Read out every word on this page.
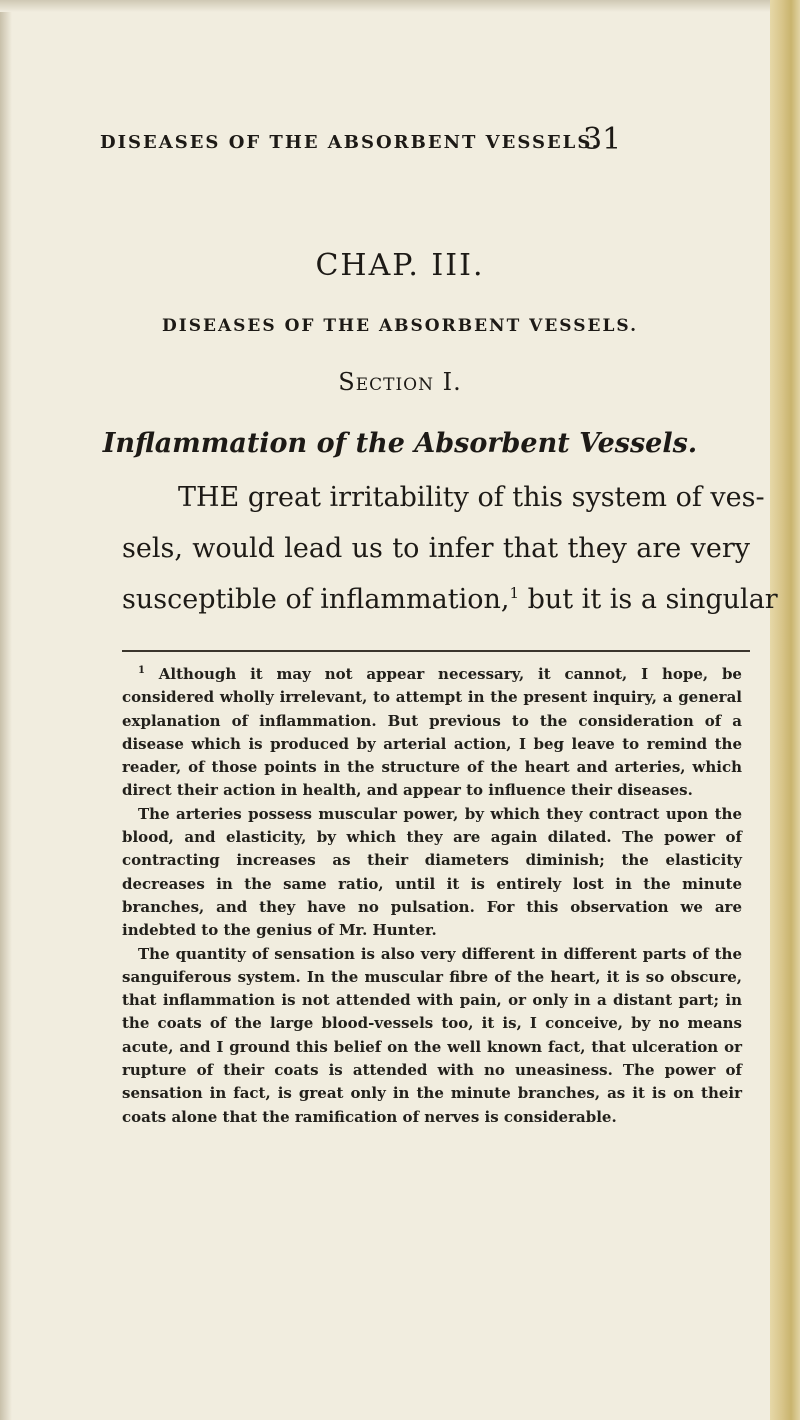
DISEASES OF THE ABSORBENT VESSELS.
31
CHAP. III.
DISEASES OF THE ABSORBENT VESSELS.
Section I.
Inflammation of the Absorbent Vessels.
THE great irritability of this system of ves-
sels, would lead us to infer that they are very
susceptible of inflammation,$^1$ but it is a singular

$^1$ Although it may not appear necessary, it cannot, I hope, be considered wholly irrelevant, to attempt in the present inquiry, a general explanation of inflammation. But previous to the consideration of a disease which is produced by arterial action, I beg leave to remind the reader, of those points in the structure of the heart and arteries, which direct their action in health, and appear to influence their diseases.

The arteries possess muscular power, by which they contract upon the blood, and elasticity, by which they are again dilated. The power of contracting increases as their diameters diminish; the elasticity decreases in the same ratio, until it is entirely lost in the minute branches, and they have no pulsation. For this observation we are indebted to the genius of Mr. Hunter.

The quantity of sensation is also very different in different parts of the sanguiferous system. In the muscular fibre of the heart, it is so obscure, that inflammation is not attended with pain, or only in a distant part; in the coats of the large blood-vessels too, it is, I conceive, by no means acute, and I ground this belief on the well known fact, that ulceration or rupture of their coats is attended with no uneasiness. The power of sensation in fact, is great only in the minute branches, as it is on their coats alone that the ramification of nerves is considerable.
